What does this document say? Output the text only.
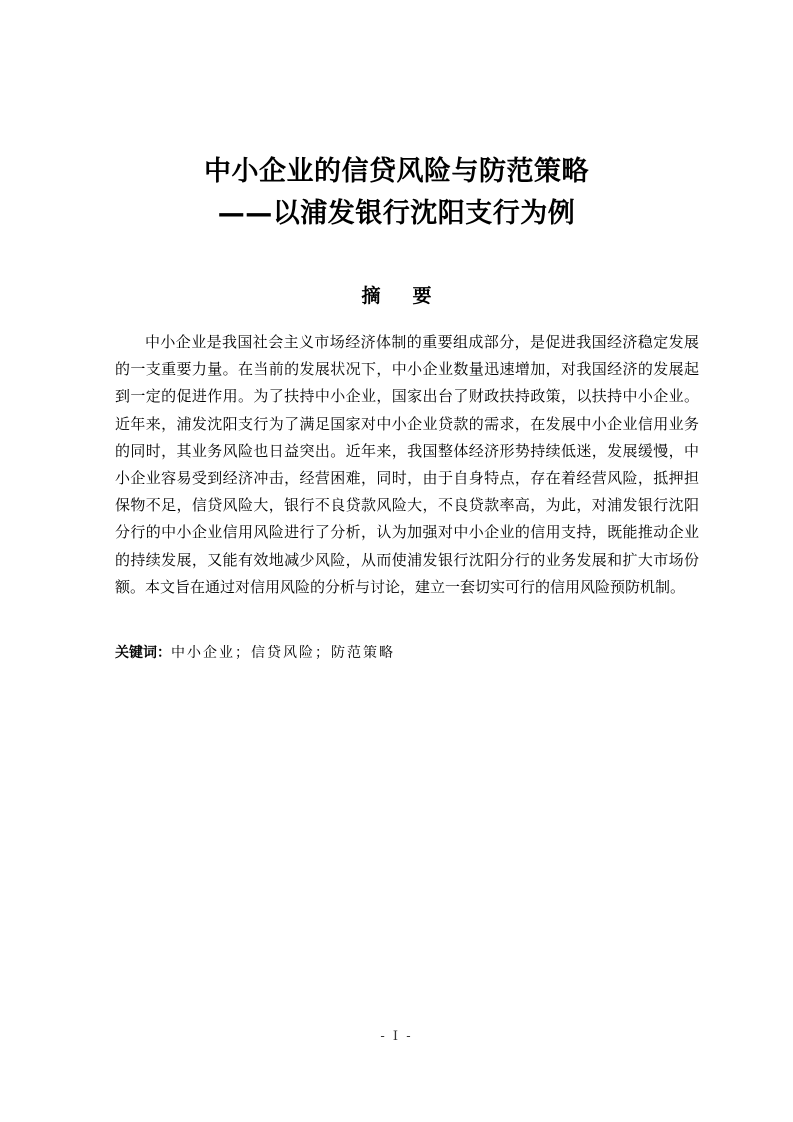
中小企业的信贷风险与防范策略
——以浦发银行沈阳支行为例
摘 要

中小企业是我国社会主义市场经济体制的重要组成部分，是促进我国经济稳定发展的一支重要力量。在当前的发展状况下，中小企业数量迅速增加，对我国经济的发展起到一定的促进作用。为了扶持中小企业，国家出台了财政扶持政策，以扶持中小企业。近年来，浦发沈阳支行为了满足国家对中小企业贷款的需求，在发展中小企业信用业务的同时，其业务风险也日益突出。近年来，我国整体经济形势持续低迷，发展缓慢，中小企业容易受到经济冲击，经营困难，同时，由于自身特点，存在着经营风险，抵押担保物不足，信贷风险大，银行不良贷款风险大，不良贷款率高，为此，对浦发银行沈阳分行的中小企业信用风险进行了分析，认为加强对中小企业的信用支持，既能推动企业的持续发展，又能有效地减少风险，从而使浦发银行沈阳分行的业务发展和扩大市场份额。本文旨在通过对信用风险的分析与讨论，建立一套切实可行的信用风险预防机制。

关键词：中小企业；信贷风险；防范策略
- I -
